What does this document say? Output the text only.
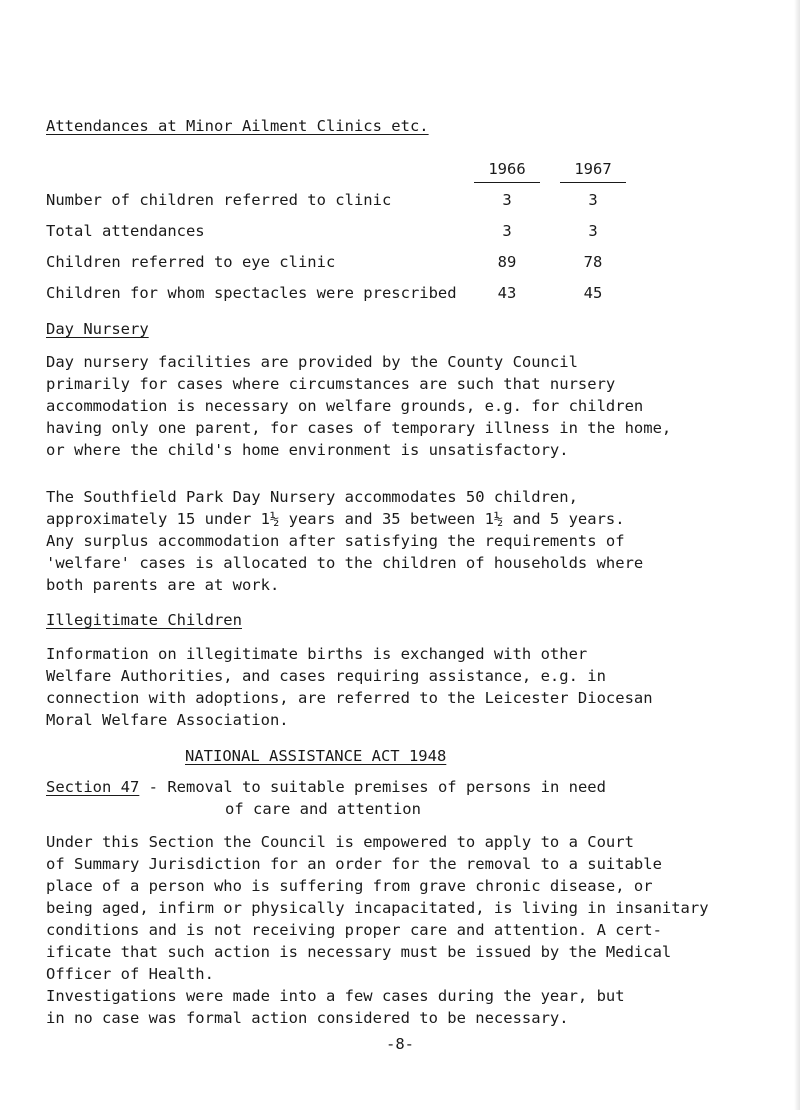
Attendances at Minor Ailment Clinics etc.
	1966	1967
Number of children referred to clinic	3	3
Total attendances	3	3
Children referred to eye clinic	89	78
Children for whom spectacles were prescribed	43	45
Day Nursery
Day nursery facilities are provided by the County Council
primarily for cases where circumstances are such that nursery
accommodation is necessary on welfare grounds, e.g. for children
having only one parent, for cases of temporary illness in the home,
or where the child's home environment is unsatisfactory.
The Southfield Park Day Nursery accommodates 50 children,
approximately 15 under 1½ years and 35 between 1½ and 5 years.
Any surplus accommodation after satisfying the requirements of
'welfare' cases is allocated to the children of households where
both parents are at work.
Illegitimate Children
Information on illegitimate births is exchanged with other
Welfare Authorities, and cases requiring assistance, e.g. in
connection with adoptions, are referred to the Leicester Diocesan
Moral Welfare Association.
NATIONAL ASSISTANCE ACT 1948
Section 47 - Removal to suitable premises of persons in need
of care and attention
Under this Section the Council is empowered to apply to a Court
of Summary Jurisdiction for an order for the removal to a suitable
place of a person who is suffering from grave chronic disease, or
being aged, infirm or physically incapacitated, is living in insanitary
conditions and is not receiving proper care and attention. A cert-
ificate that such action is necessary must be issued by the Medical
Officer of Health.
-8-
Investigations were made into a few cases during the year, but
in no case was formal action considered to be necessary.
